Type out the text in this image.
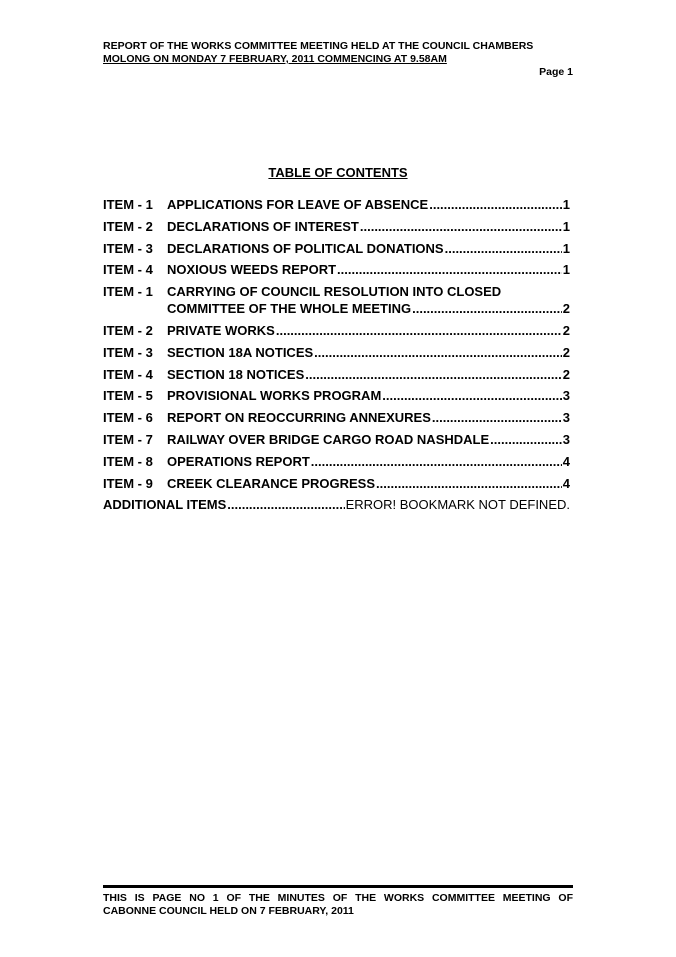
REPORT OF THE WORKS COMMITTEE MEETING HELD AT THE COUNCIL CHAMBERS
MOLONG ON MONDAY 7 FEBRUARY, 2011 COMMENCING AT 9.58AM
Page 1
TABLE OF CONTENTS
ITEM - 1	APPLICATIONS FOR LEAVE OF ABSENCE .....	1
ITEM - 2	DECLARATIONS OF INTEREST .....	1
ITEM - 3	DECLARATIONS OF POLITICAL DONATIONS .....	1
ITEM - 4	NOXIOUS WEEDS REPORT .....	1
ITEM - 1	CARRYING OF COUNCIL RESOLUTION INTO CLOSED
COMMITTEE OF THE WHOLE MEETING .....	2
ITEM - 2	PRIVATE WORKS .....	2
ITEM - 3	SECTION 18A NOTICES .....	2
ITEM - 4	SECTION 18 NOTICES .....	2
ITEM - 5	PROVISIONAL WORKS PROGRAM .....	3
ITEM - 6	REPORT ON REOCCURRING ANNEXURES .....	3
ITEM - 7	RAILWAY OVER BRIDGE CARGO ROAD NASHDALE .....	3
ITEM - 8	OPERATIONS REPORT .....	4
ITEM - 9	CREEK CLEARANCE PROGRESS .....	4
ADDITIONAL ITEMS .....	ERROR! BOOKMARK NOT DEFINED.
THIS IS PAGE NO 1 OF THE MINUTES OF THE WORKS COMMITTEE MEETING OF
CABONNE COUNCIL HELD ON 7 FEBRUARY, 2011
